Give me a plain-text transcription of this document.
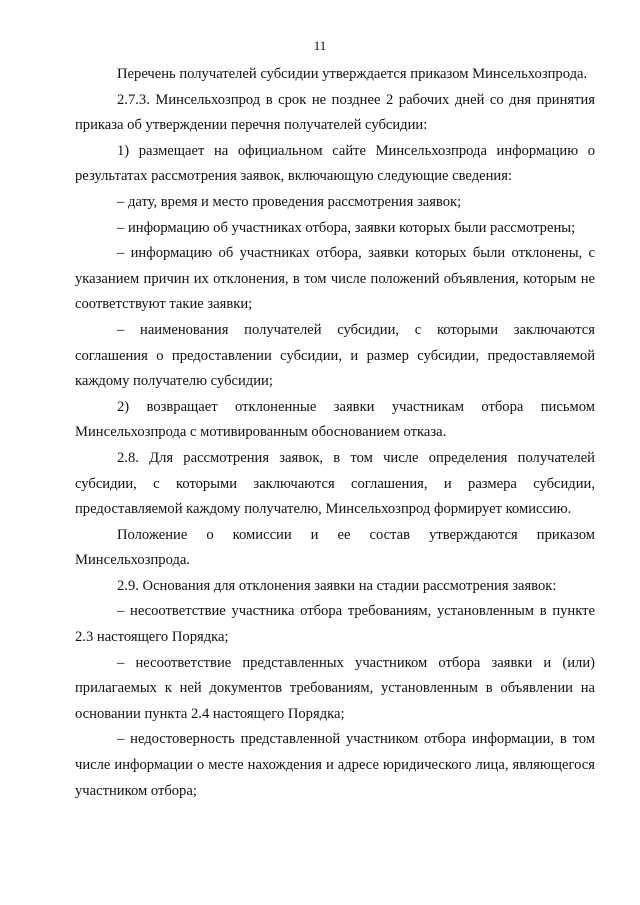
11

Перечень получателей субсидии утверждается приказом Минсельхозпрода.

2.7.3. Минсельхозпрод в срок не позднее 2 рабочих дней со дня принятия приказа об утверждении перечня получателей субсидии:

1) размещает на официальном сайте Минсельхозпрода информацию о результатах рассмотрения заявок, включающую следующие сведения:

– дату, время и место проведения рассмотрения заявок;

– информацию об участниках отбора, заявки которых были рассмотрены;

– информацию об участниках отбора, заявки которых были отклонены, с указанием причин их отклонения, в том числе положений объявления, которым не соответствуют такие заявки;

– наименования получателей субсидии, с которыми заключаются соглашения о предоставлении субсидии, и размер субсидии, предоставляемой каждому получателю субсидии;

2) возвращает отклоненные заявки участникам отбора письмом Минсельхозпрода с мотивированным обоснованием отказа.

2.8. Для рассмотрения заявок, в том числе определения получателей субсидии, с которыми заключаются соглашения, и размера субсидии, предоставляемой каждому получателю, Минсельхозпрод формирует комиссию.

Положение о комиссии и ее состав утверждаются приказом Минсельхозпрода.

2.9. Основания для отклонения заявки на стадии рассмотрения заявок:

– несоответствие участника отбора требованиям, установленным в пункте 2.3 настоящего Порядка;

– несоответствие представленных участником отбора заявки и (или) прилагаемых к ней документов требованиям, установленным в объявлении на основании пункта 2.4 настоящего Порядка;

– недостоверность представленной участником отбора информации, в том числе информации о месте нахождения и адресе юридического лица, являющегося участником отбора;
